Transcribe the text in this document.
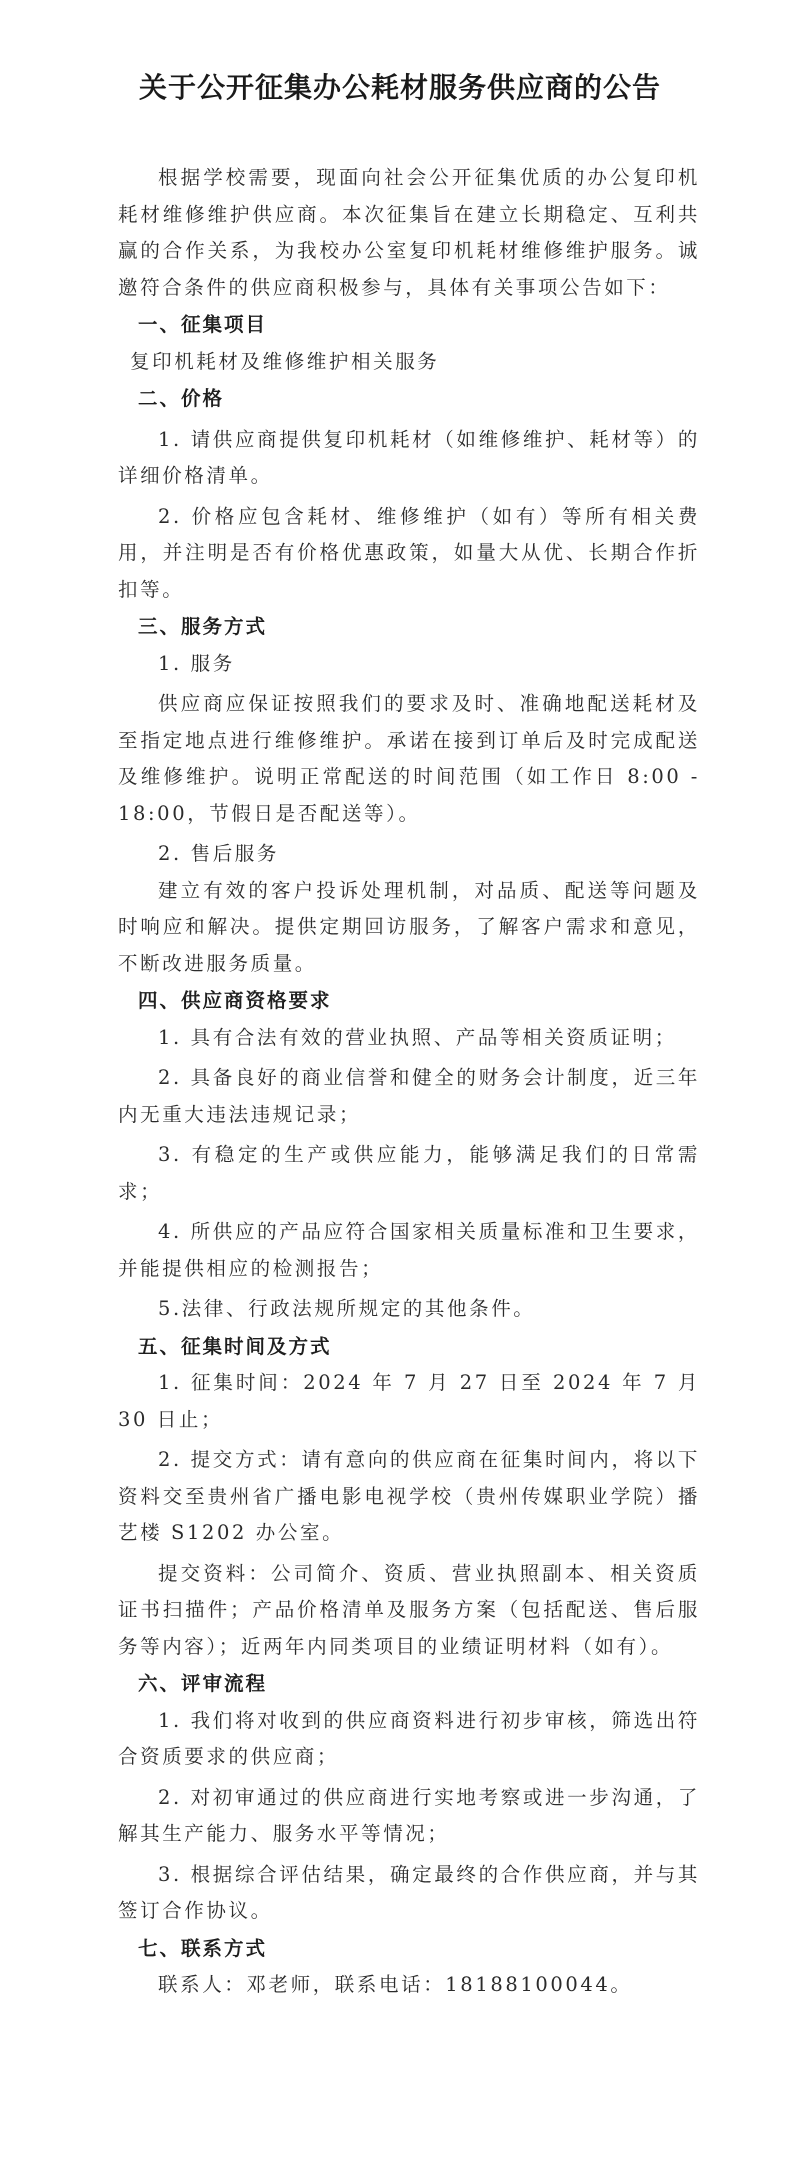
关于公开征集办公耗材服务供应商的公告

根据学校需要，现面向社会公开征集优质的办公复印机耗材维修维护供应商。本次征集旨在建立长期稳定、互利共赢的合作关系，为我校办公室复印机耗材维修维护服务。诚邀符合条件的供应商积极参与，具体有关事项公告如下：

一、征集项目

复印机耗材及维修维护相关服务

二、价格

1. 请供应商提供复印机耗材（如维修维护、耗材等）的详细价格清单。

2. 价格应包含耗材、维修维护（如有）等所有相关费用，并注明是否有价格优惠政策，如量大从优、长期合作折扣等。

三、服务方式

1. 服务

供应商应保证按照我们的要求及时、准确地配送耗材及至指定地点进行维修维护。承诺在接到订单后及时完成配送及维修维护。说明正常配送的时间范围（如工作日 8:00 - 18:00，节假日是否配送等）。

2. 售后服务

建立有效的客户投诉处理机制，对品质、配送等问题及时响应和解决。提供定期回访服务，了解客户需求和意见，不断改进服务质量。

四、供应商资格要求

1. 具有合法有效的营业执照、产品等相关资质证明；

2. 具备良好的商业信誉和健全的财务会计制度，近三年内无重大违法违规记录；

3. 有稳定的生产或供应能力，能够满足我们的日常需求；

4. 所供应的产品应符合国家相关质量标准和卫生要求，并能提供相应的检测报告；

5.法律、行政法规所规定的其他条件。

五、征集时间及方式

1. 征集时间：2024 年 7 月 27 日至 2024 年 7 月 30 日止；

2. 提交方式：请有意向的供应商在征集时间内，将以下资料交至贵州省广播电影电视学校（贵州传媒职业学院）播艺楼 S1202 办公室。

提交资料：公司简介、资质、营业执照副本、相关资质证书扫描件；产品价格清单及服务方案（包括配送、售后服务等内容）；近两年内同类项目的业绩证明材料（如有）。

六、评审流程

1. 我们将对收到的供应商资料进行初步审核，筛选出符合资质要求的供应商；

2. 对初审通过的供应商进行实地考察或进一步沟通，了解其生产能力、服务水平等情况；

3. 根据综合评估结果，确定最终的合作供应商，并与其签订合作协议。

七、联系方式

联系人：邓老师，联系电话：18188100044。
